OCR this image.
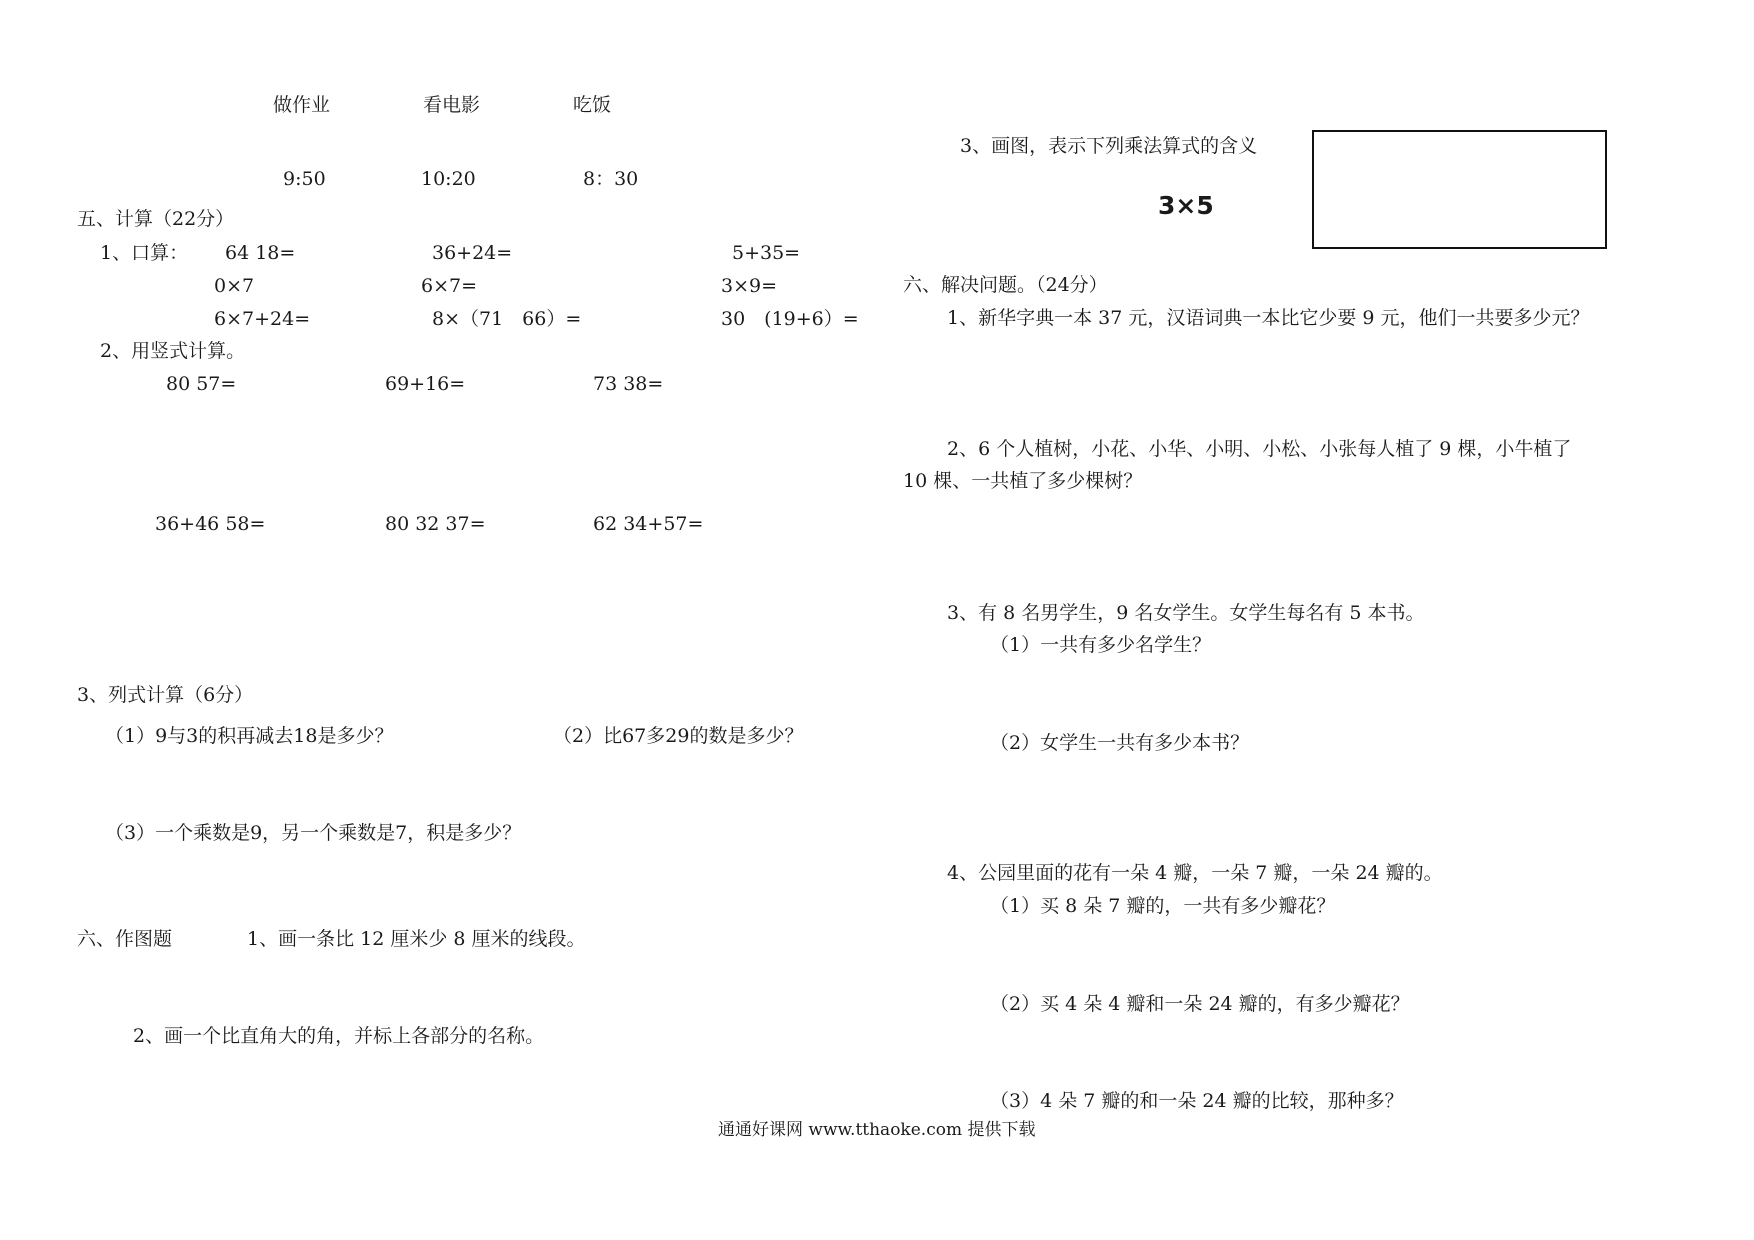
做作业	看电影	吃饭
9:50	10:20	8：30
五、计算（22分）
1、口算： 64 18=	36+24=	5+35=
0×7	6×7=	3×9=
6×7+24=	8×（71　66）=	30　(19+6）=
2、用竖式计算。
80 57=	69+16=	73 38=
36+46 58=	80 32 37=	62 34+57=
3、列式计算（6分）
（1）9与3的积再减去18是多少？	（2）比67多29的数是多少？
（3）一个乘数是9，另一个乘数是7，积是多少？
六、作图题	1、画一条比 12 厘米少 8 厘米的线段。
2、画一个比直角大的角，并标上各部分的名称。
3、画图，表示下列乘法算式的含义
3×5
六、解决问题。（24分）
1、新华字典一本 37 元，汉语词典一本比它少要 9 元，他们一共要多少元？
2、6 个人植树，小花、小华、小明、小松、小张每人植了 9 棵，小牛植了
10 棵、一共植了多少棵树？
3、有 8 名男学生，9 名女学生。女学生每名有 5 本书。
（1）一共有多少名学生？
（2）女学生一共有多少本书？
4、公园里面的花有一朵 4 瓣，一朵 7 瓣，一朵 24 瓣的。
（1）买 8 朵 7 瓣的，一共有多少瓣花？
（2）买 4 朵 4 瓣和一朵 24 瓣的，有多少瓣花？
（3）4 朵 7 瓣的和一朵 24 瓣的比较，那种多？
通通好课网 www.tthaoke.com 提供下载
